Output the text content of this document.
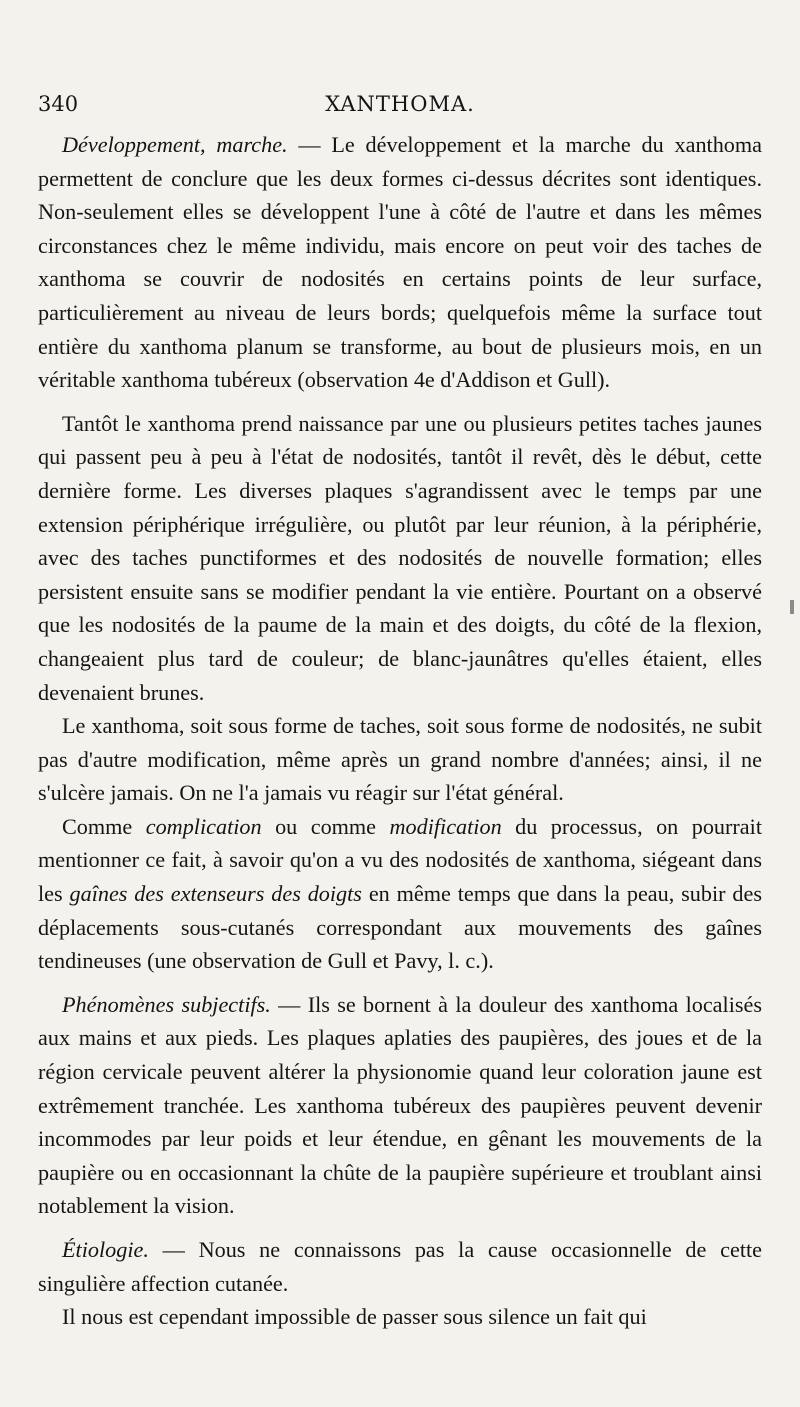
340	XANTHOMA.

Développement, marche. — Le développement et la marche du xanthoma permettent de conclure que les deux formes ci-dessus décrites sont identiques. Non-seulement elles se développent l'une à côté de l'autre et dans les mêmes circonstances chez le même individu, mais encore on peut voir des taches de xanthoma se couvrir de nodosités en certains points de leur surface, particulièrement au niveau de leurs bords; quelquefois même la surface tout entière du xanthoma planum se transforme, au bout de plusieurs mois, en un véritable xanthoma tubéreux (observation 4e d'Addison et Gull).

Tantôt le xanthoma prend naissance par une ou plusieurs petites taches jaunes qui passent peu à peu à l'état de nodosités, tantôt il revêt, dès le début, cette dernière forme. Les diverses plaques s'agrandissent avec le temps par une extension périphérique irrégulière, ou plutôt par leur réunion, à la périphérie, avec des taches punctiformes et des nodosités de nouvelle formation; elles persistent ensuite sans se modifier pendant la vie entière. Pourtant on a observé que les nodosités de la paume de la main et des doigts, du côté de la flexion, changeaient plus tard de couleur; de blanc-jaunâtres qu'elles étaient, elles devenaient brunes.

Le xanthoma, soit sous forme de taches, soit sous forme de nodosités, ne subit pas d'autre modification, même après un grand nombre d'années; ainsi, il ne s'ulcère jamais. On ne l'a jamais vu réagir sur l'état général.

Comme complication ou comme modification du processus, on pourrait mentionner ce fait, à savoir qu'on a vu des nodosités de xanthoma, siégeant dans les gaînes des extenseurs des doigts en même temps que dans la peau, subir des déplacements sous-cutanés correspondant aux mouvements des gaînes tendineuses (une observation de Gull et Pavy, l. c.).

Phénomènes subjectifs. — Ils se bornent à la douleur des xanthoma localisés aux mains et aux pieds. Les plaques aplaties des paupières, des joues et de la région cervicale peuvent altérer la physionomie quand leur coloration jaune est extrêmement tranchée. Les xanthoma tubéreux des paupières peuvent devenir incommodes par leur poids et leur étendue, en gênant les mouvements de la paupière ou en occasionnant la chûte de la paupière supérieure et troublant ainsi notablement la vision.

Étiologie. — Nous ne connaissons pas la cause occasionnelle de cette singulière affection cutanée.

Il nous est cependant impossible de passer sous silence un fait qui
